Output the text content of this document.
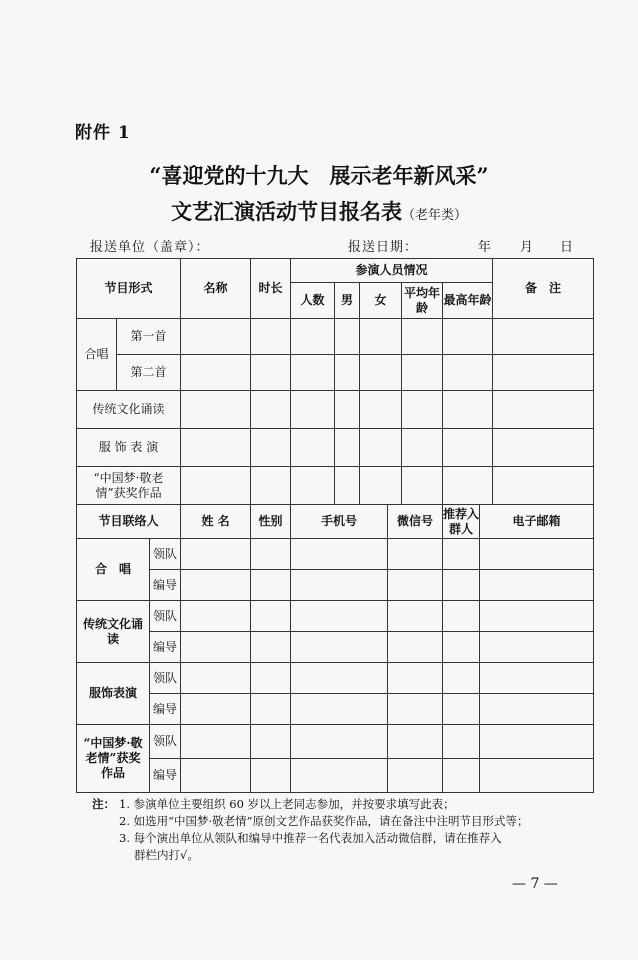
附件 1
“喜迎党的十九大　展示老年新风采”
文艺汇演活动节目报名表（老年类）
报送单位（盖章）：	报送日期：	年 月 日
节目形式			名称	时长	参演人员情况							备　注
					人数	男	女		平均年龄	最高年龄		
合唱	第一首											
	第二首											
传统文化诵读												
服 饰 表 演												
“中国梦·敬老情”获奖作品												
节目联络人			姓 名	性别	手机号			微信号		推荐入群人	电子邮箱	
合　唱		领队										
		编导										
传统文化诵　读		领队										
		编导										
服饰表演		领队										
		编导										
“中国梦·敬老情”获奖作品		领队										
		编导										
注： 1. 参演单位主要组织 60 岁以上老同志参加，并按要求填写此表；
2. 如选用“中国梦·敬老情”原创文艺作品获奖作品，请在备注中注明节目形式等；
3. 每个演出单位从领队和编导中推荐一名代表加入活动微信群，请在推荐入
群栏内打√。
— 7 —
